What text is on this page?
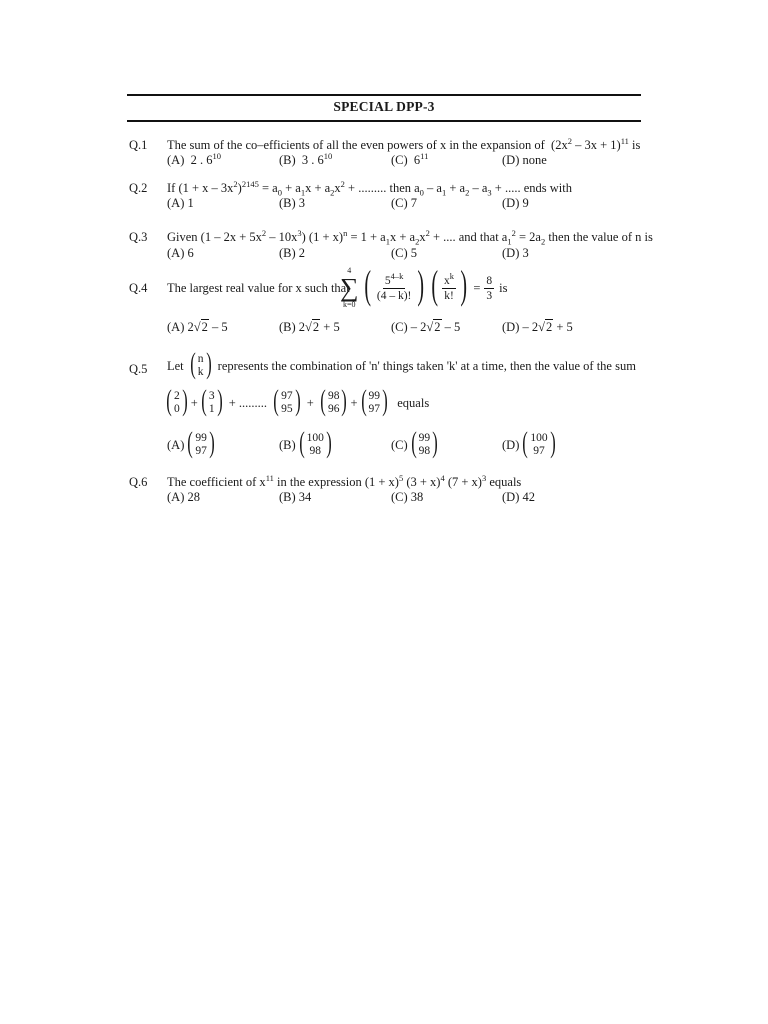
SPECIAL DPP-3
Q.1 The sum of the co–efficients of all the even powers of x in the expansion of $(2x^2 - 3x + 1)^{11}$ is
(A) 2 . $6^{10}$	(B) 3 . $6^{10}$	(C) $6^{11}$	(D) none
Q.2 If $(1 + x - 3x^2)^{2145} = a_0 + a_1x + a_2x^2$ + ......... then $a_0 - a_1 + a_2 - a_3$ + ..... ends with
(A) 1	(B) 3	(C) 7	(D) 9
Q.3 Given $(1 - 2x + 5x^2 - 10x^3)$ $(1 + x)^n = 1 + a_1x + a_2x^2$ + .... and that $a_1^2 = 2a_2$ then the value of n is
(A) 6	(B) 2	(C) 5	(D) 3
Q.4 The largest real value for x such that
4
∑
k=0 ( $\frac{5^{4-k}}{(4 - k)!}$ ) ( $\frac{x^k}{k!}$ ) = $\frac{8}{3}$ is
(A) 2√2 – 5	(B) 2√2 + 5	(C) – 2√2 – 5	(D) – 2√2 + 5
Q.5 Let
( n
k )
represents the combination of 'n' things taken 'k' at a time, then the value of the sum
( 2
0 ) + ( 3
1 )
+ .........
( 97
95 )
+
( 98
96 ) + ( 99
97 )
equals
(A) ( 99
97 )	(B) ( 100
98 )	(C) ( 99
98 )	(D) ( 100
97 )
Q.6 The coefficient of $x^{11}$ in the expression $(1 + x)^5$ $(3 + x)^4$ $(7 + x)^3$ equals
(A) 28	(B) 34	(C) 38	(D) 42
